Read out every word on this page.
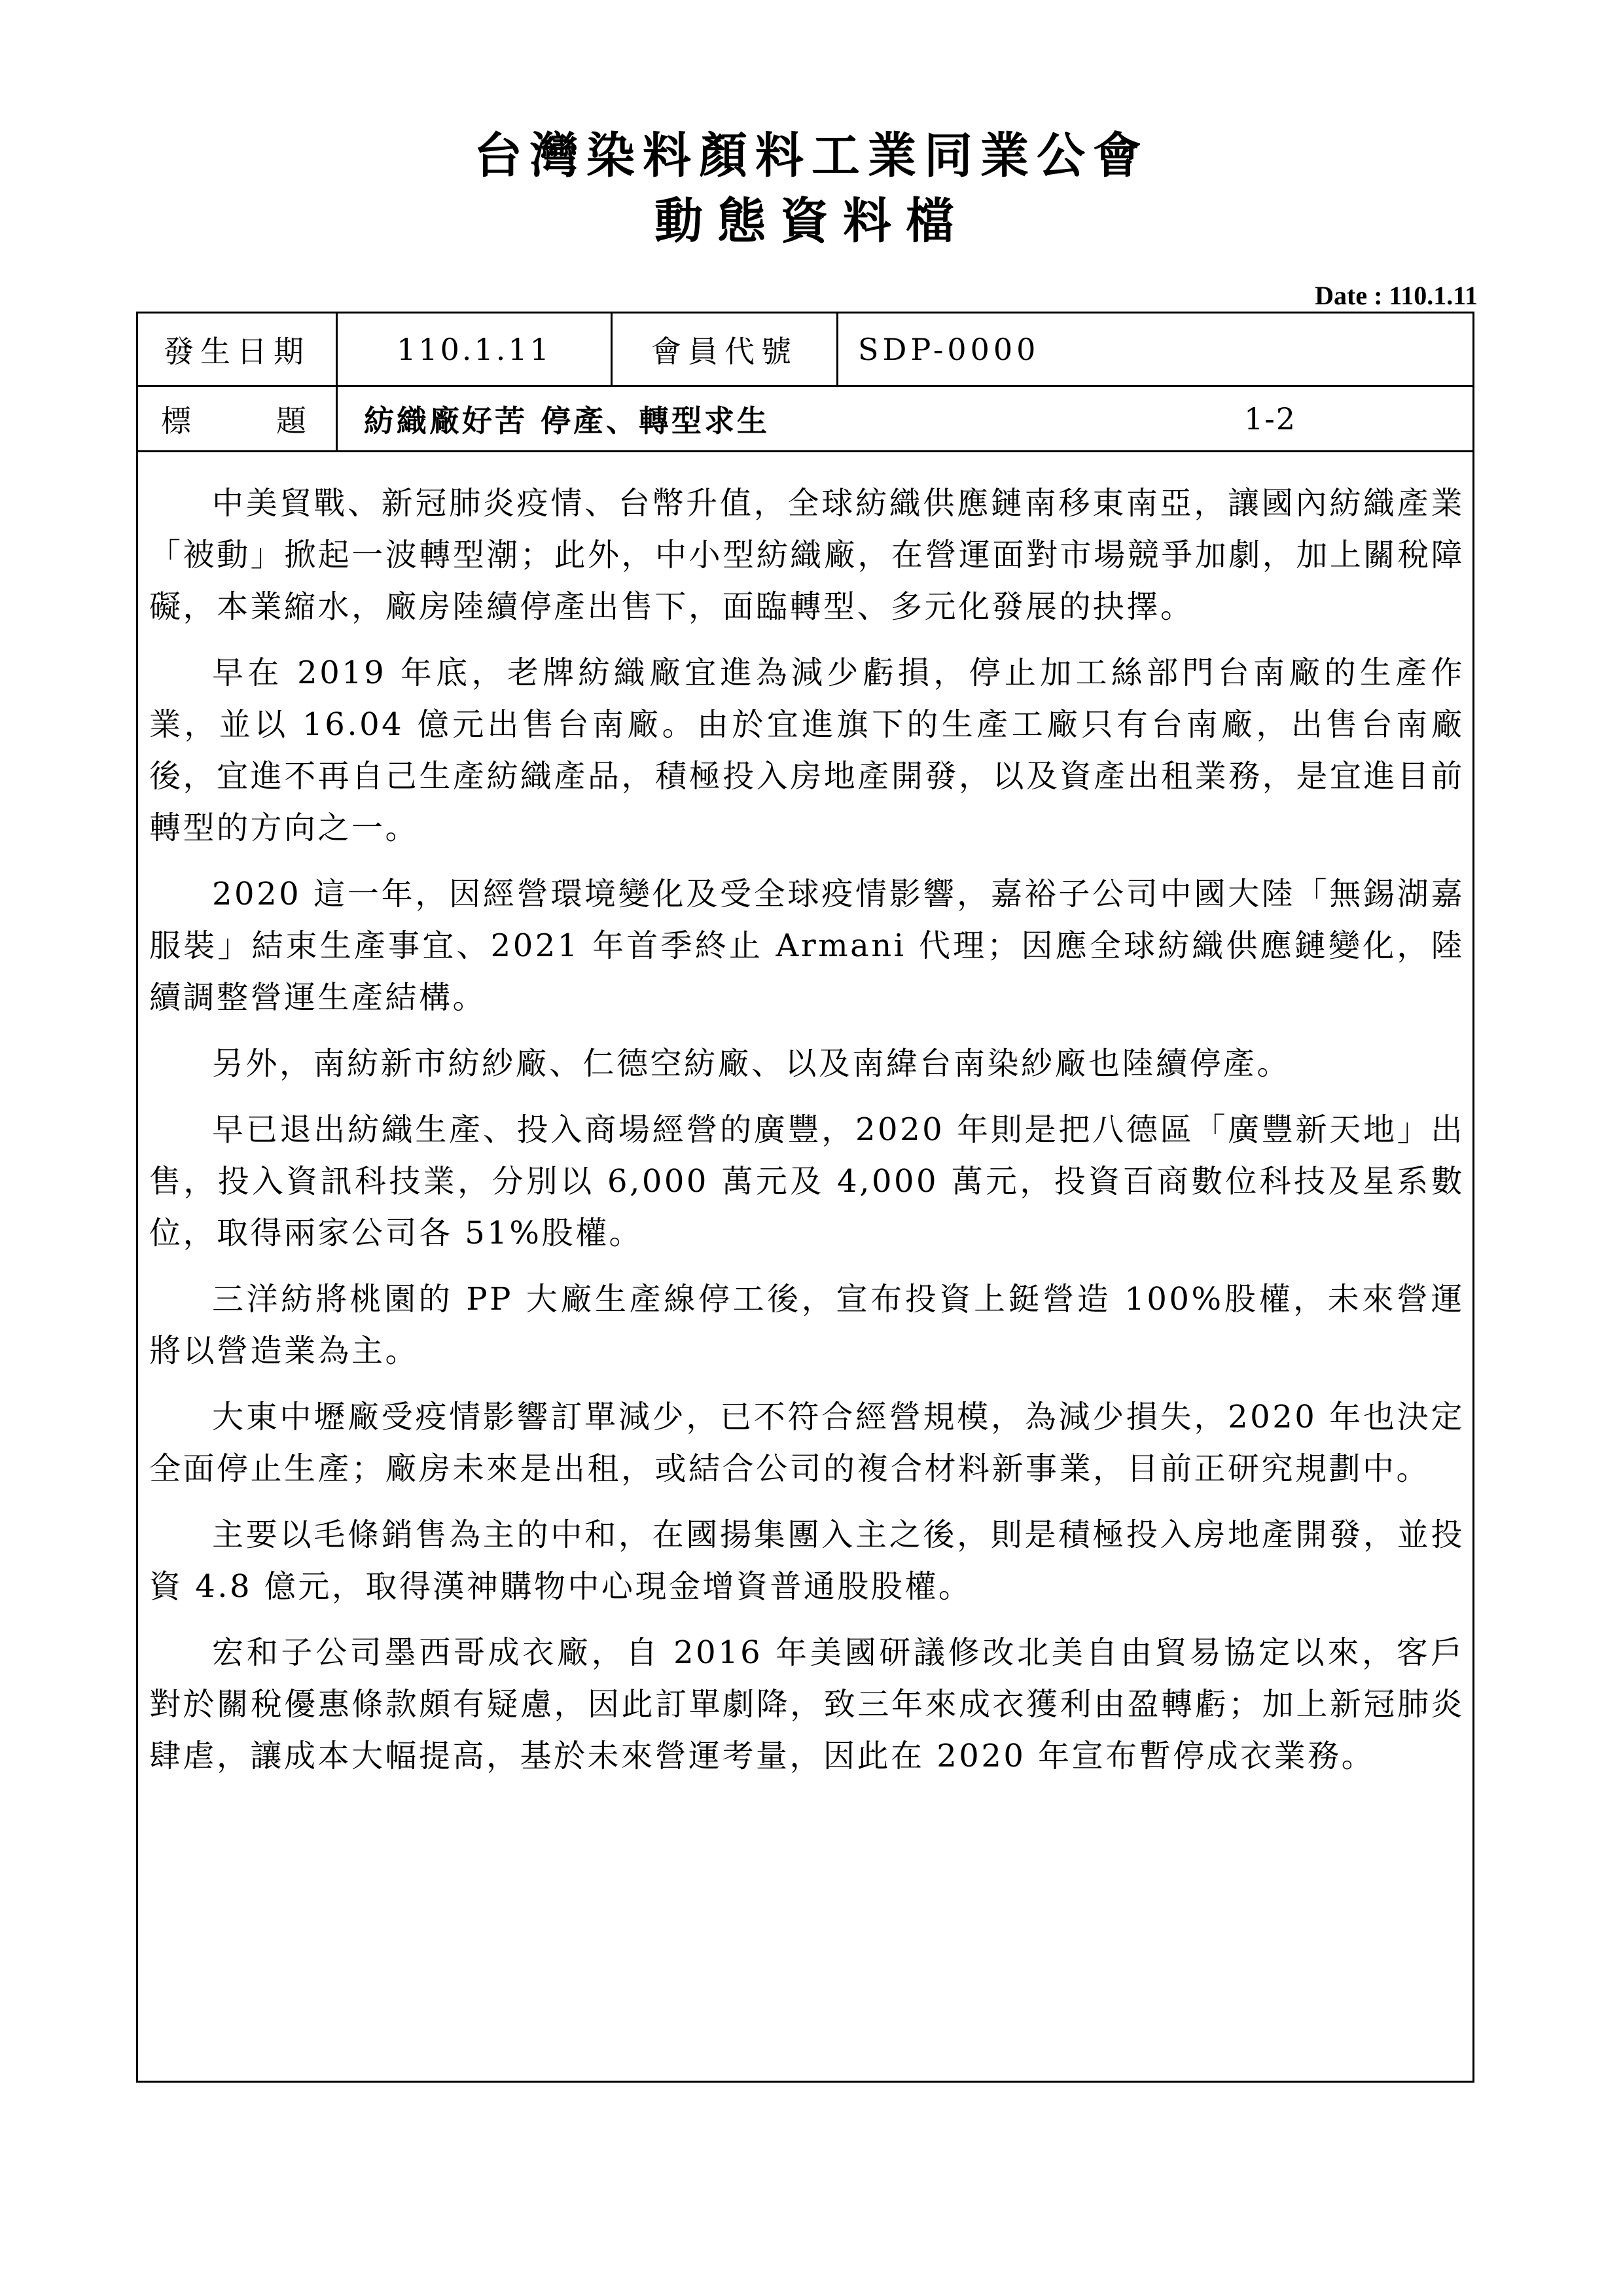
台灣染料顏料工業同業公會
動態資料檔
Date : 110.1.11
發生日期	110.1.11	會員代號	SDP-0000
標	題	紡織廠好苦 停產、轉型求生	1-2

中美貿戰、新冠肺炎疫情、台幣升值，全球紡織供應鏈南移東南亞，讓國內紡織產業「被動」掀起一波轉型潮；此外，中小型紡織廠，在營運面對市場競爭加劇，加上關稅障礙，本業縮水，廠房陸續停產出售下，面臨轉型、多元化發展的抉擇。

早在 2019 年底，老牌紡織廠宜進為減少虧損，停止加工絲部門台南廠的生產作業，並以 16.04 億元出售台南廠。由於宜進旗下的生產工廠只有台南廠，出售台南廠後，宜進不再自己生產紡織產品，積極投入房地產開發，以及資產出租業務，是宜進目前轉型的方向之一。

2020 這一年，因經營環境變化及受全球疫情影響，嘉裕子公司中國大陸「無錫湖嘉服裝」結束生產事宜、2021 年首季終止 Armani 代理；因應全球紡織供應鏈變化，陸續調整營運生產結構。

另外，南紡新市紡紗廠、仁德空紡廠、以及南緯台南染紗廠也陸續停產。

早已退出紡織生產、投入商場經營的廣豐，2020 年則是把八德區「廣豐新天地」出售，投入資訊科技業，分別以 6,000 萬元及 4,000 萬元，投資百商數位科技及星系數位，取得兩家公司各 51%股權。

三洋紡將桃園的 PP 大廠生產線停工後，宣布投資上鋌營造 100%股權，未來營運將以營造業為主。

大東中壢廠受疫情影響訂單減少，已不符合經營規模，為減少損失，2020 年也決定全面停止生產；廠房未來是出租，或結合公司的複合材料新事業，目前正研究規劃中。

主要以毛條銷售為主的中和，在國揚集團入主之後，則是積極投入房地產開發，並投資 4.8 億元，取得漢神購物中心現金增資普通股股權。

宏和子公司墨西哥成衣廠，自 2016 年美國研議修改北美自由貿易協定以來，客戶對於關稅優惠條款頗有疑慮，因此訂單劇降，致三年來成衣獲利由盈轉虧；加上新冠肺炎肆虐，讓成本大幅提高，基於未來營運考量，因此在 2020 年宣布暫停成衣業務。
